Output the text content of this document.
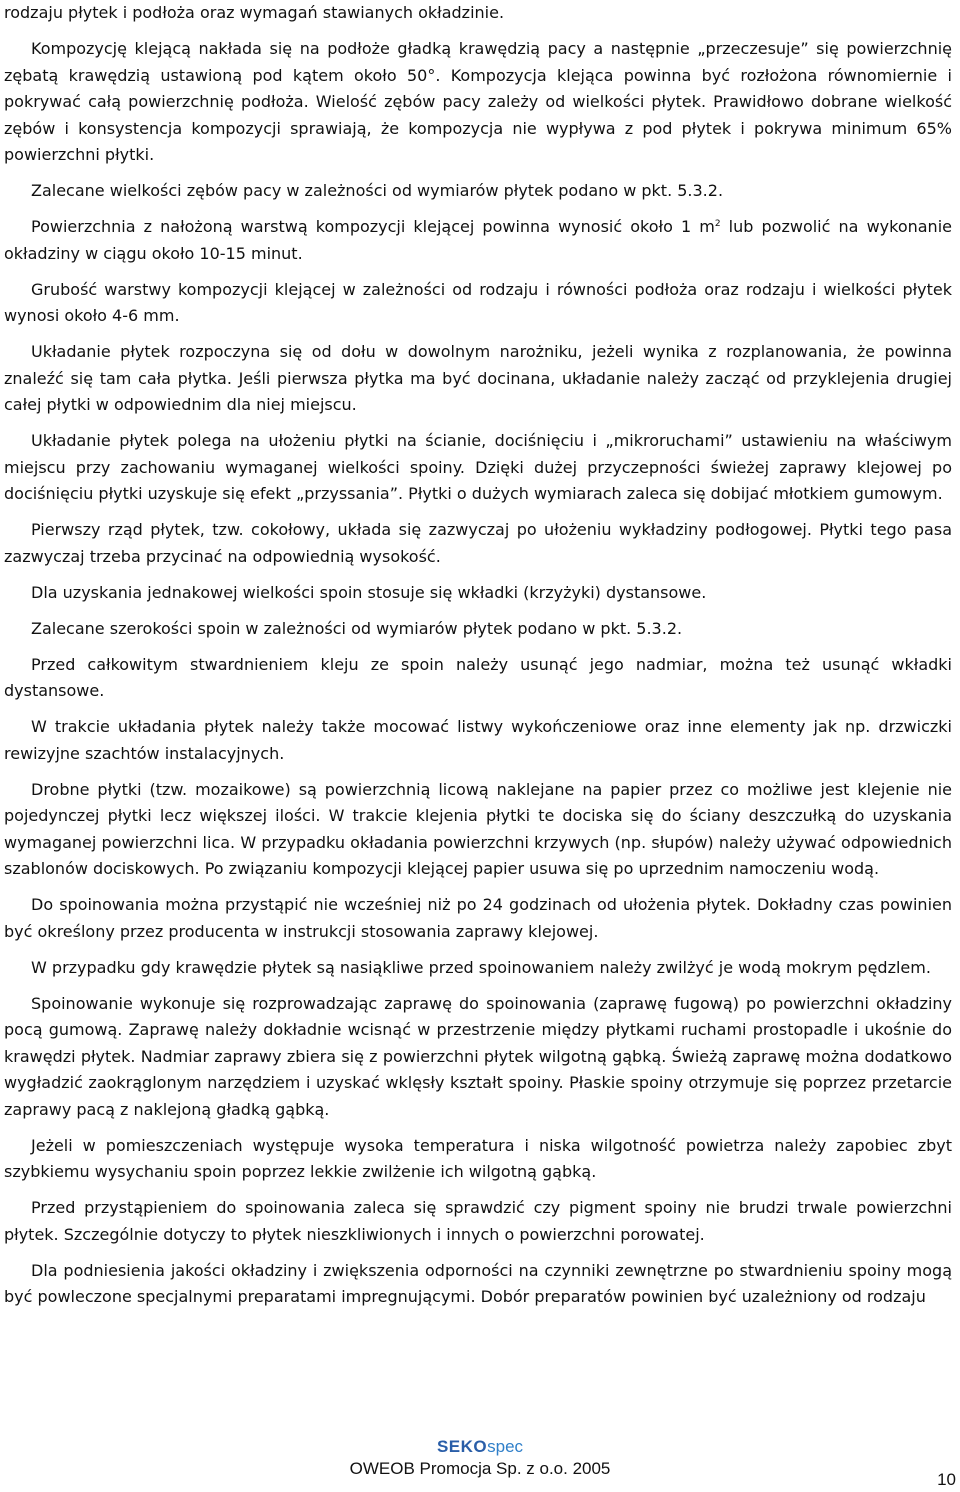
rodzaju płytek i podłoża oraz wymagań stawianych okładzinie.

Kompozycję klejącą nakłada się na podłoże gładką krawędzią pacy a następnie „przeczesuje” się powierzchnię zębatą krawędzią ustawioną pod kątem około 50°. Kompozycja klejąca powinna być rozłożona równomiernie i pokrywać całą powierzchnię podłoża. Wielość zębów pacy zależy od wielkości płytek. Prawidłowo dobrane wielkość zębów i konsystencja kompozycji sprawiają, że kompozycja nie wypływa z pod płytek i pokrywa minimum 65% powierzchni płytki.

Zalecane wielkości zębów pacy w zależności od wymiarów płytek podano w pkt. 5.3.2.

Powierzchnia z nałożoną warstwą kompozycji klejącej powinna wynosić około 1 $m^2$ lub pozwolić na wykonanie okładziny w ciągu około 10-15 minut.

Grubość warstwy kompozycji klejącej w zależności od rodzaju i równości podłoża oraz rodzaju i wielkości płytek wynosi około 4-6 mm.

Układanie płytek rozpoczyna się od dołu w dowolnym narożniku, jeżeli wynika z rozplanowania, że powinna znaleźć się tam cała płytka. Jeśli pierwsza płytka ma być docinana, układanie należy zacząć od przyklejenia drugiej całej płytki w odpowiednim dla niej miejscu.

Układanie płytek polega na ułożeniu płytki na ścianie, dociśnięciu i „mikroruchami” ustawieniu na właściwym miejscu przy zachowaniu wymaganej wielkości spoiny. Dzięki dużej przyczepności świeżej zaprawy klejowej po dociśnięciu płytki uzyskuje się efekt „przyssania”. Płytki o dużych wymiarach zaleca się dobijać młotkiem gumowym.

Pierwszy rząd płytek, tzw. cokołowy, układa się zazwyczaj po ułożeniu wykładziny podłogowej. Płytki tego pasa zazwyczaj trzeba przycinać na odpowiednią wysokość.

Dla uzyskania jednakowej wielkości spoin stosuje się wkładki (krzyżyki) dystansowe.

Zalecane szerokości spoin w zależności od wymiarów płytek podano w pkt. 5.3.2.

Przed całkowitym stwardnieniem kleju ze spoin należy usunąć jego nadmiar, można też usunąć wkładki dystansowe.

W trakcie układania płytek należy także mocować listwy wykończeniowe oraz inne elementy jak np. drzwiczki rewizyjne szachtów instalacyjnych.

Drobne płytki (tzw. mozaikowe) są powierzchnią licową naklejane na papier przez co możliwe jest klejenie nie pojedynczej płytki lecz większej ilości. W trakcie klejenia płytki te dociska się do ściany deszczułką do uzyskania wymaganej powierzchni lica. W przypadku okładania powierzchni krzywych (np. słupów) należy używać odpowiednich szablonów dociskowych. Po związaniu kompozycji klejącej papier usuwa się po uprzednim namoczeniu wodą.

Do spoinowania można przystąpić nie wcześniej niż po 24 godzinach od ułożenia płytek. Dokładny czas powinien być określony przez producenta w instrukcji stosowania zaprawy klejowej.

W przypadku gdy krawędzie płytek są nasiąkliwe przed spoinowaniem należy zwilżyć je wodą mokrym pędzlem.

Spoinowanie wykonuje się rozprowadzając zaprawę do spoinowania (zaprawę fugową) po powierzchni okładziny pocą gumową. Zaprawę należy dokładnie wcisnąć w przestrzenie między płytkami ruchami prostopadle i ukośnie do krawędzi płytek. Nadmiar zaprawy zbiera się z powierzchni płytek wilgotną gąbką. Świeżą zaprawę można dodatkowo wygładzić zaokrąglonym narzędziem i uzyskać wklęsły kształt spoiny. Płaskie spoiny otrzymuje się poprzez przetarcie zaprawy pacą z naklejoną gładką gąbką.

Jeżeli w pomieszczeniach występuje wysoka temperatura i niska wilgotność powietrza należy zapobiec zbyt szybkiemu wysychaniu spoin poprzez lekkie zwilżenie ich wilgotną gąbką.

Przed przystąpieniem do spoinowania zaleca się sprawdzić czy pigment spoiny nie brudzi trwale powierzchni płytek. Szczególnie dotyczy to płytek nieszkliwionych i innych o powierzchni porowatej.

Dla podniesienia jakości okładziny i zwiększenia odporności na czynniki zewnętrzne po stwardnieniu spoiny mogą być powleczone specjalnymi preparatami impregnującymi. Dobór preparatów powinien być uzależniony od rodzaju

SEKOspec
OWEOB Promocja Sp. z o.o. 2005
10
